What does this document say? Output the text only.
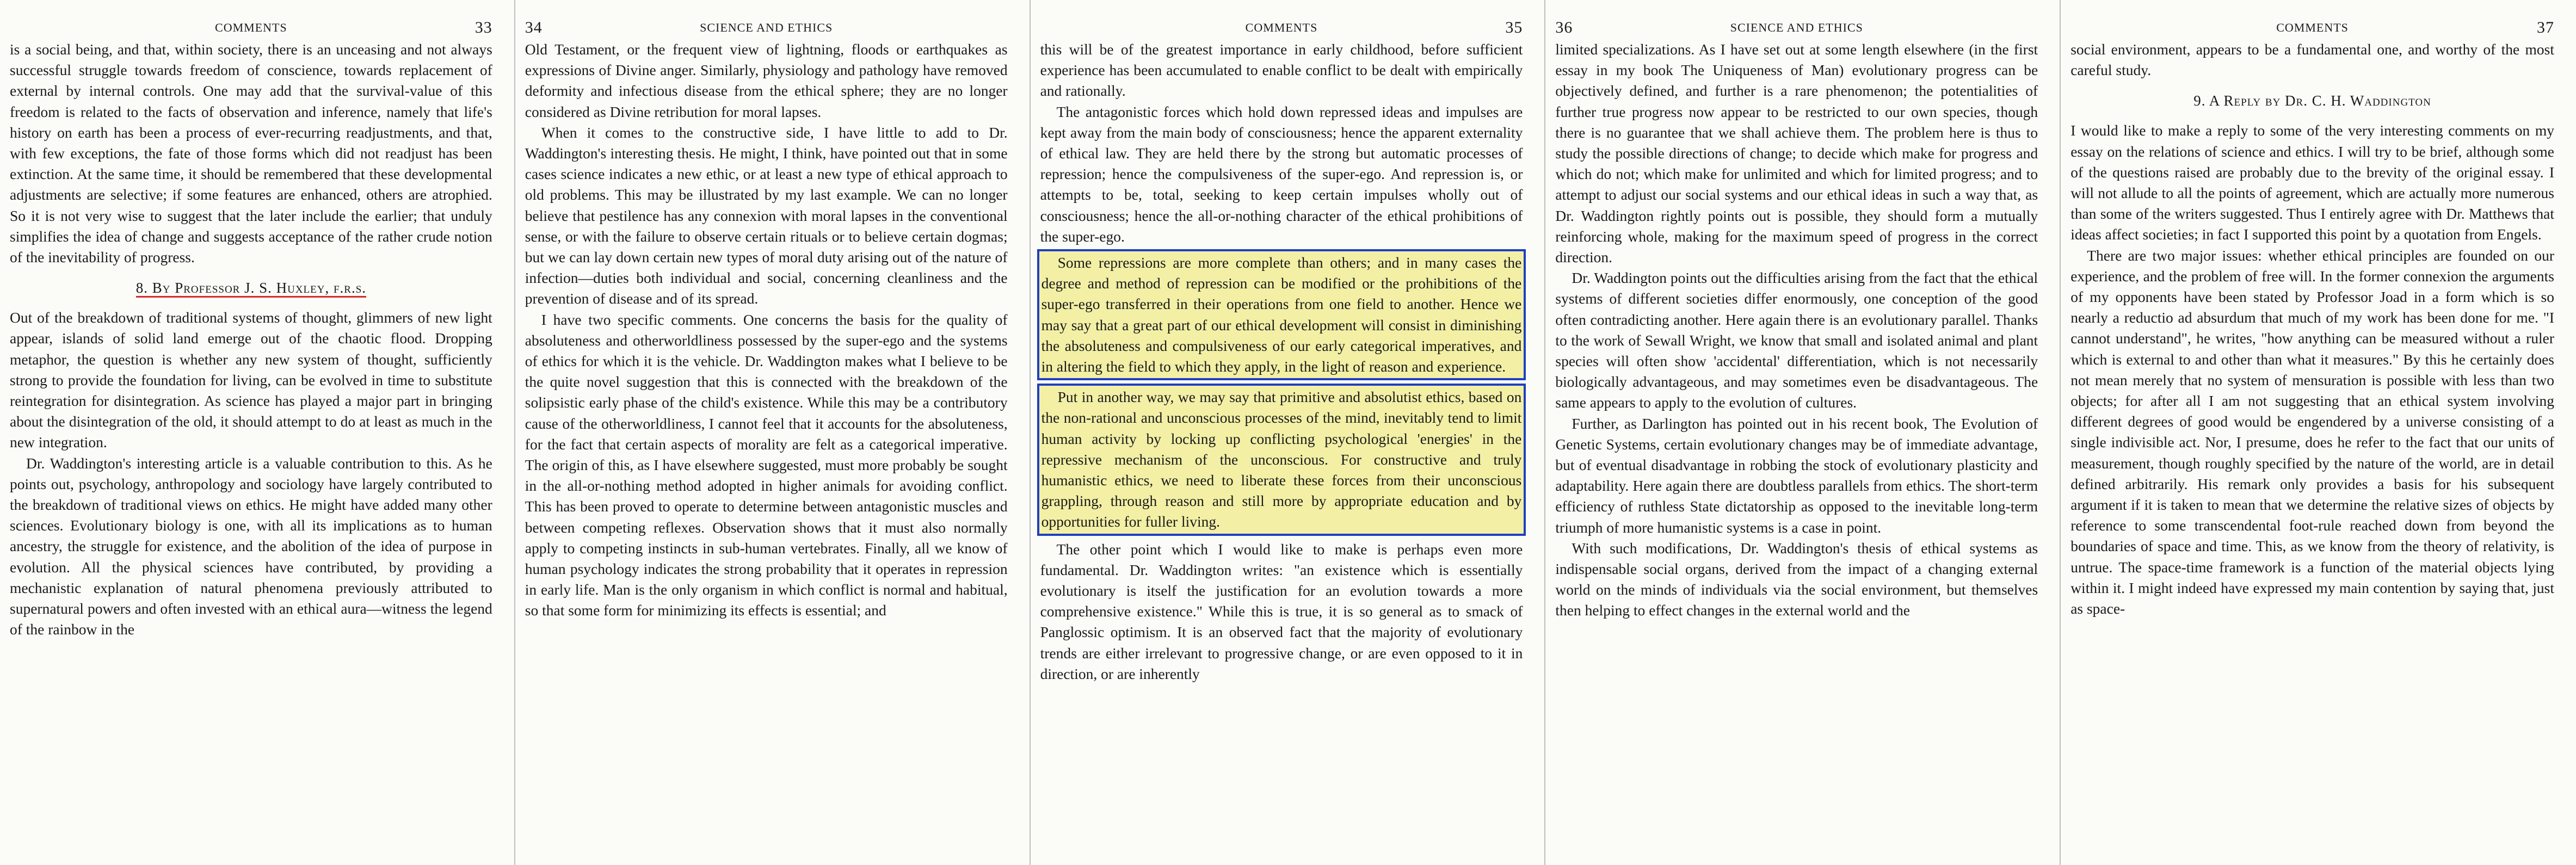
COMMENTS	33

is a social being, and that, within society, there is an unceasing and not always successful struggle towards freedom of conscience, towards replacement of external by internal controls. One may add that the survival-value of this freedom is related to the facts of observation and inference, namely that life's history on earth has been a process of ever-recurring readjustments, and that, with few exceptions, the fate of those forms which did not readjust has been extinction. At the same time, it should be remembered that these developmental adjustments are selective; if some features are enhanced, others are atrophied. So it is not very wise to suggest that the later include the earlier; that unduly simplifies the idea of change and suggests acceptance of the rather crude notion of the inevitability of progress.

8. By Professor J. S. Huxley, f.r.s.

Out of the breakdown of traditional systems of thought, glimmers of new light appear, islands of solid land emerge out of the chaotic flood. Dropping metaphor, the question is whether any new system of thought, sufficiently strong to provide the foundation for living, can be evolved in time to substitute reintegration for disintegration. As science has played a major part in bringing about the disintegration of the old, it should attempt to do at least as much in the new integration.

Dr. Waddington's interesting article is a valuable contribution to this. As he points out, psychology, anthropology and sociology have largely contributed to the breakdown of traditional views on ethics. He might have added many other sciences. Evolutionary biology is one, with all its implications as to human ancestry, the struggle for existence, and the abolition of the idea of purpose in evolution. All the physical sciences have contributed, by providing a mechanistic explanation of natural phenomena previously attributed to supernatural powers and often invested with an ethical aura—witness the legend of the rainbow in the

34	SCIENCE AND ETHICS

Old Testament, or the frequent view of lightning, floods or earthquakes as expressions of Divine anger. Similarly, physiology and pathology have removed deformity and infectious disease from the ethical sphere; they are no longer considered as Divine retribution for moral lapses.

When it comes to the constructive side, I have little to add to Dr. Waddington's interesting thesis. He might, I think, have pointed out that in some cases science indicates a new ethic, or at least a new type of ethical approach to old problems. This may be illustrated by my last example. We can no longer believe that pestilence has any connexion with moral lapses in the conventional sense, or with the failure to observe certain rituals or to believe certain dogmas; but we can lay down certain new types of moral duty arising out of the nature of infection—duties both individual and social, concerning cleanliness and the prevention of disease and of its spread.

I have two specific comments. One concerns the basis for the quality of absoluteness and otherworldliness possessed by the super-ego and the systems of ethics for which it is the vehicle. Dr. Waddington makes what I believe to be the quite novel suggestion that this is connected with the breakdown of the solipsistic early phase of the child's existence. While this may be a contributory cause of the otherworldliness, I cannot feel that it accounts for the absoluteness, for the fact that certain aspects of morality are felt as a categorical imperative. The origin of this, as I have elsewhere suggested, must more probably be sought in the all-or-nothing method adopted in higher animals for avoiding conflict. This has been proved to operate to determine between antagonistic muscles and between competing reflexes. Observation shows that it must also normally apply to competing instincts in sub-human vertebrates. Finally, all we know of human psychology indicates the strong probability that it operates in repression in early life. Man is the only organism in which conflict is normal and habitual, so that some form for minimizing its effects is essential; and

COMMENTS	35

this will be of the greatest importance in early childhood, before sufficient experience has been accumulated to enable conflict to be dealt with empirically and rationally.

The antagonistic forces which hold down repressed ideas and impulses are kept away from the main body of consciousness; hence the apparent externality of ethical law. They are held there by the strong but automatic processes of repression; hence the compulsiveness of the super-ego. And repression is, or attempts to be, total, seeking to keep certain impulses wholly out of consciousness; hence the all-or-nothing character of the ethical prohibitions of the super-ego.

Some repressions are more complete than others; and in many cases the degree and method of repression can be modified or the prohibitions of the super-ego transferred in their operations from one field to another. Hence we may say that a great part of our ethical development will consist in diminishing the absoluteness and compulsiveness of our early categorical imperatives, and in altering the field to which they apply, in the light of reason and experience.

Put in another way, we may say that primitive and absolutist ethics, based on the non-rational and unconscious processes of the mind, inevitably tend to limit human activity by locking up conflicting psychological 'energies' in the repressive mechanism of the unconscious. For constructive and truly humanistic ethics, we need to liberate these forces from their unconscious grappling, through reason and still more by appropriate education and by opportunities for fuller living.

The other point which I would like to make is perhaps even more fundamental. Dr. Waddington writes: "an existence which is essentially evolutionary is itself the justification for an evolution towards a more comprehensive existence." While this is true, it is so general as to smack of Panglossic optimism. It is an observed fact that the majority of evolutionary trends are either irrelevant to progressive change, or are even opposed to it in direction, or are inherently

36	SCIENCE AND ETHICS

limited specializations. As I have set out at some length elsewhere (in the first essay in my book The Uniqueness of Man) evolutionary progress can be objectively defined, and further is a rare phenomenon; the potentialities of further true progress now appear to be restricted to our own species, though there is no guarantee that we shall achieve them. The problem here is thus to study the possible directions of change; to decide which make for progress and which do not; which make for unlimited and which for limited progress; and to attempt to adjust our social systems and our ethical ideas in such a way that, as Dr. Waddington rightly points out is possible, they should form a mutually reinforcing whole, making for the maximum speed of progress in the correct direction.

Dr. Waddington points out the difficulties arising from the fact that the ethical systems of different societies differ enormously, one conception of the good often contradicting another. Here again there is an evolutionary parallel. Thanks to the work of Sewall Wright, we know that small and isolated animal and plant species will often show 'accidental' differentiation, which is not necessarily biologically advantageous, and may sometimes even be disadvantageous. The same appears to apply to the evolution of cultures.

Further, as Darlington has pointed out in his recent book, The Evolution of Genetic Systems, certain evolutionary changes may be of immediate advantage, but of eventual disadvantage in robbing the stock of evolutionary plasticity and adaptability. Here again there are doubtless parallels from ethics. The short-term efficiency of ruthless State dictatorship as opposed to the inevitable long-term triumph of more humanistic systems is a case in point.

With such modifications, Dr. Waddington's thesis of ethical systems as indispensable social organs, derived from the impact of a changing external world on the minds of individuals via the social environment, but themselves then helping to effect changes in the external world and the

COMMENTS	37

social environment, appears to be a fundamental one, and worthy of the most careful study.

9. A Reply by Dr. C. H. Waddington

I would like to make a reply to some of the very interesting comments on my essay on the relations of science and ethics. I will try to be brief, although some of the questions raised are probably due to the brevity of the original essay. I will not allude to all the points of agreement, which are actually more numerous than some of the writers suggested. Thus I entirely agree with Dr. Matthews that ideas affect societies; in fact I supported this point by a quotation from Engels.

There are two major issues: whether ethical principles are founded on our experience, and the problem of free will. In the former connexion the arguments of my opponents have been stated by Professor Joad in a form which is so nearly a reductio ad absurdum that much of my work has been done for me. "I cannot understand", he writes, "how anything can be measured without a ruler which is external to and other than what it measures." By this he certainly does not mean merely that no system of mensuration is possible with less than two objects; for after all I am not suggesting that an ethical system involving different degrees of good would be engendered by a universe consisting of a single indivisible act. Nor, I presume, does he refer to the fact that our units of measurement, though roughly specified by the nature of the world, are in detail defined arbitrarily. His remark only provides a basis for his subsequent argument if it is taken to mean that we determine the relative sizes of objects by reference to some transcendental foot-rule reached down from beyond the boundaries of space and time. This, as we know from the theory of relativity, is untrue. The space-time framework is a function of the material objects lying within it. I might indeed have expressed my main contention by saying that, just as space-
